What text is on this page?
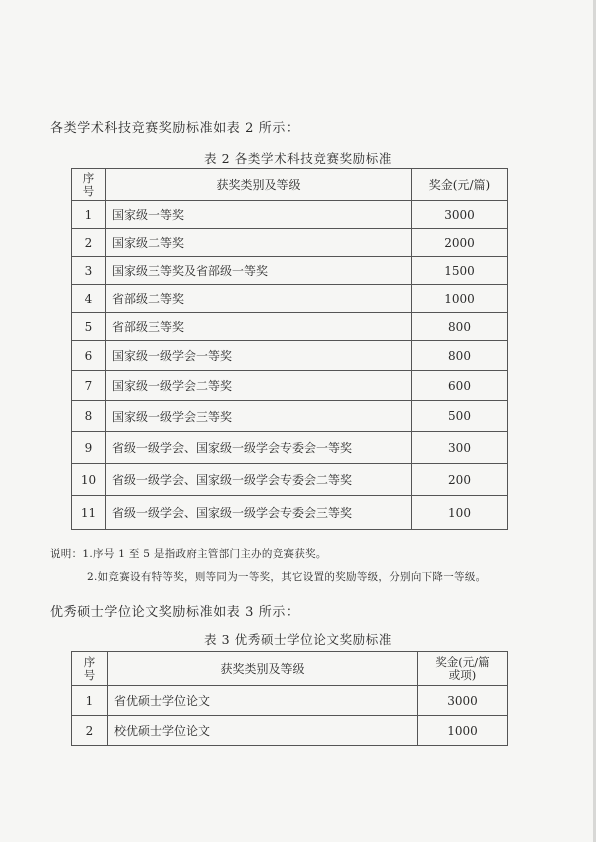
各类学术科技竞赛奖励标准如表 2 所示：
表 2 各类学术科技竞赛奖励标准
序
号	获奖类别及等级	奖金(元/篇)
1	国家级一等奖	3000
2	国家级二等奖	2000
3	国家级三等奖及省部级一等奖	1500
4	省部级二等奖	1000
5	省部级三等奖	800
6	国家级一级学会一等奖	800
7	国家级一级学会二等奖	600
8	国家级一级学会三等奖	500
9	省级一级学会、国家级一级学会专委会一等奖	300
10	省级一级学会、国家级一级学会专委会二等奖	200
11	省级一级学会、国家级一级学会专委会三等奖	100
说明：1.序号 1 至 5 是指政府主管部门主办的竞赛获奖。
2.如竞赛设有特等奖，则等同为一等奖，其它设置的奖励等级，分别向下降一等级。
优秀硕士学位论文奖励标准如表 3 所示：
表 3 优秀硕士学位论文奖励标准
序
号	获奖类别及等级	奖金(元/篇
或项)
1	省优硕士学位论文	3000
2	校优硕士学位论文	1000
